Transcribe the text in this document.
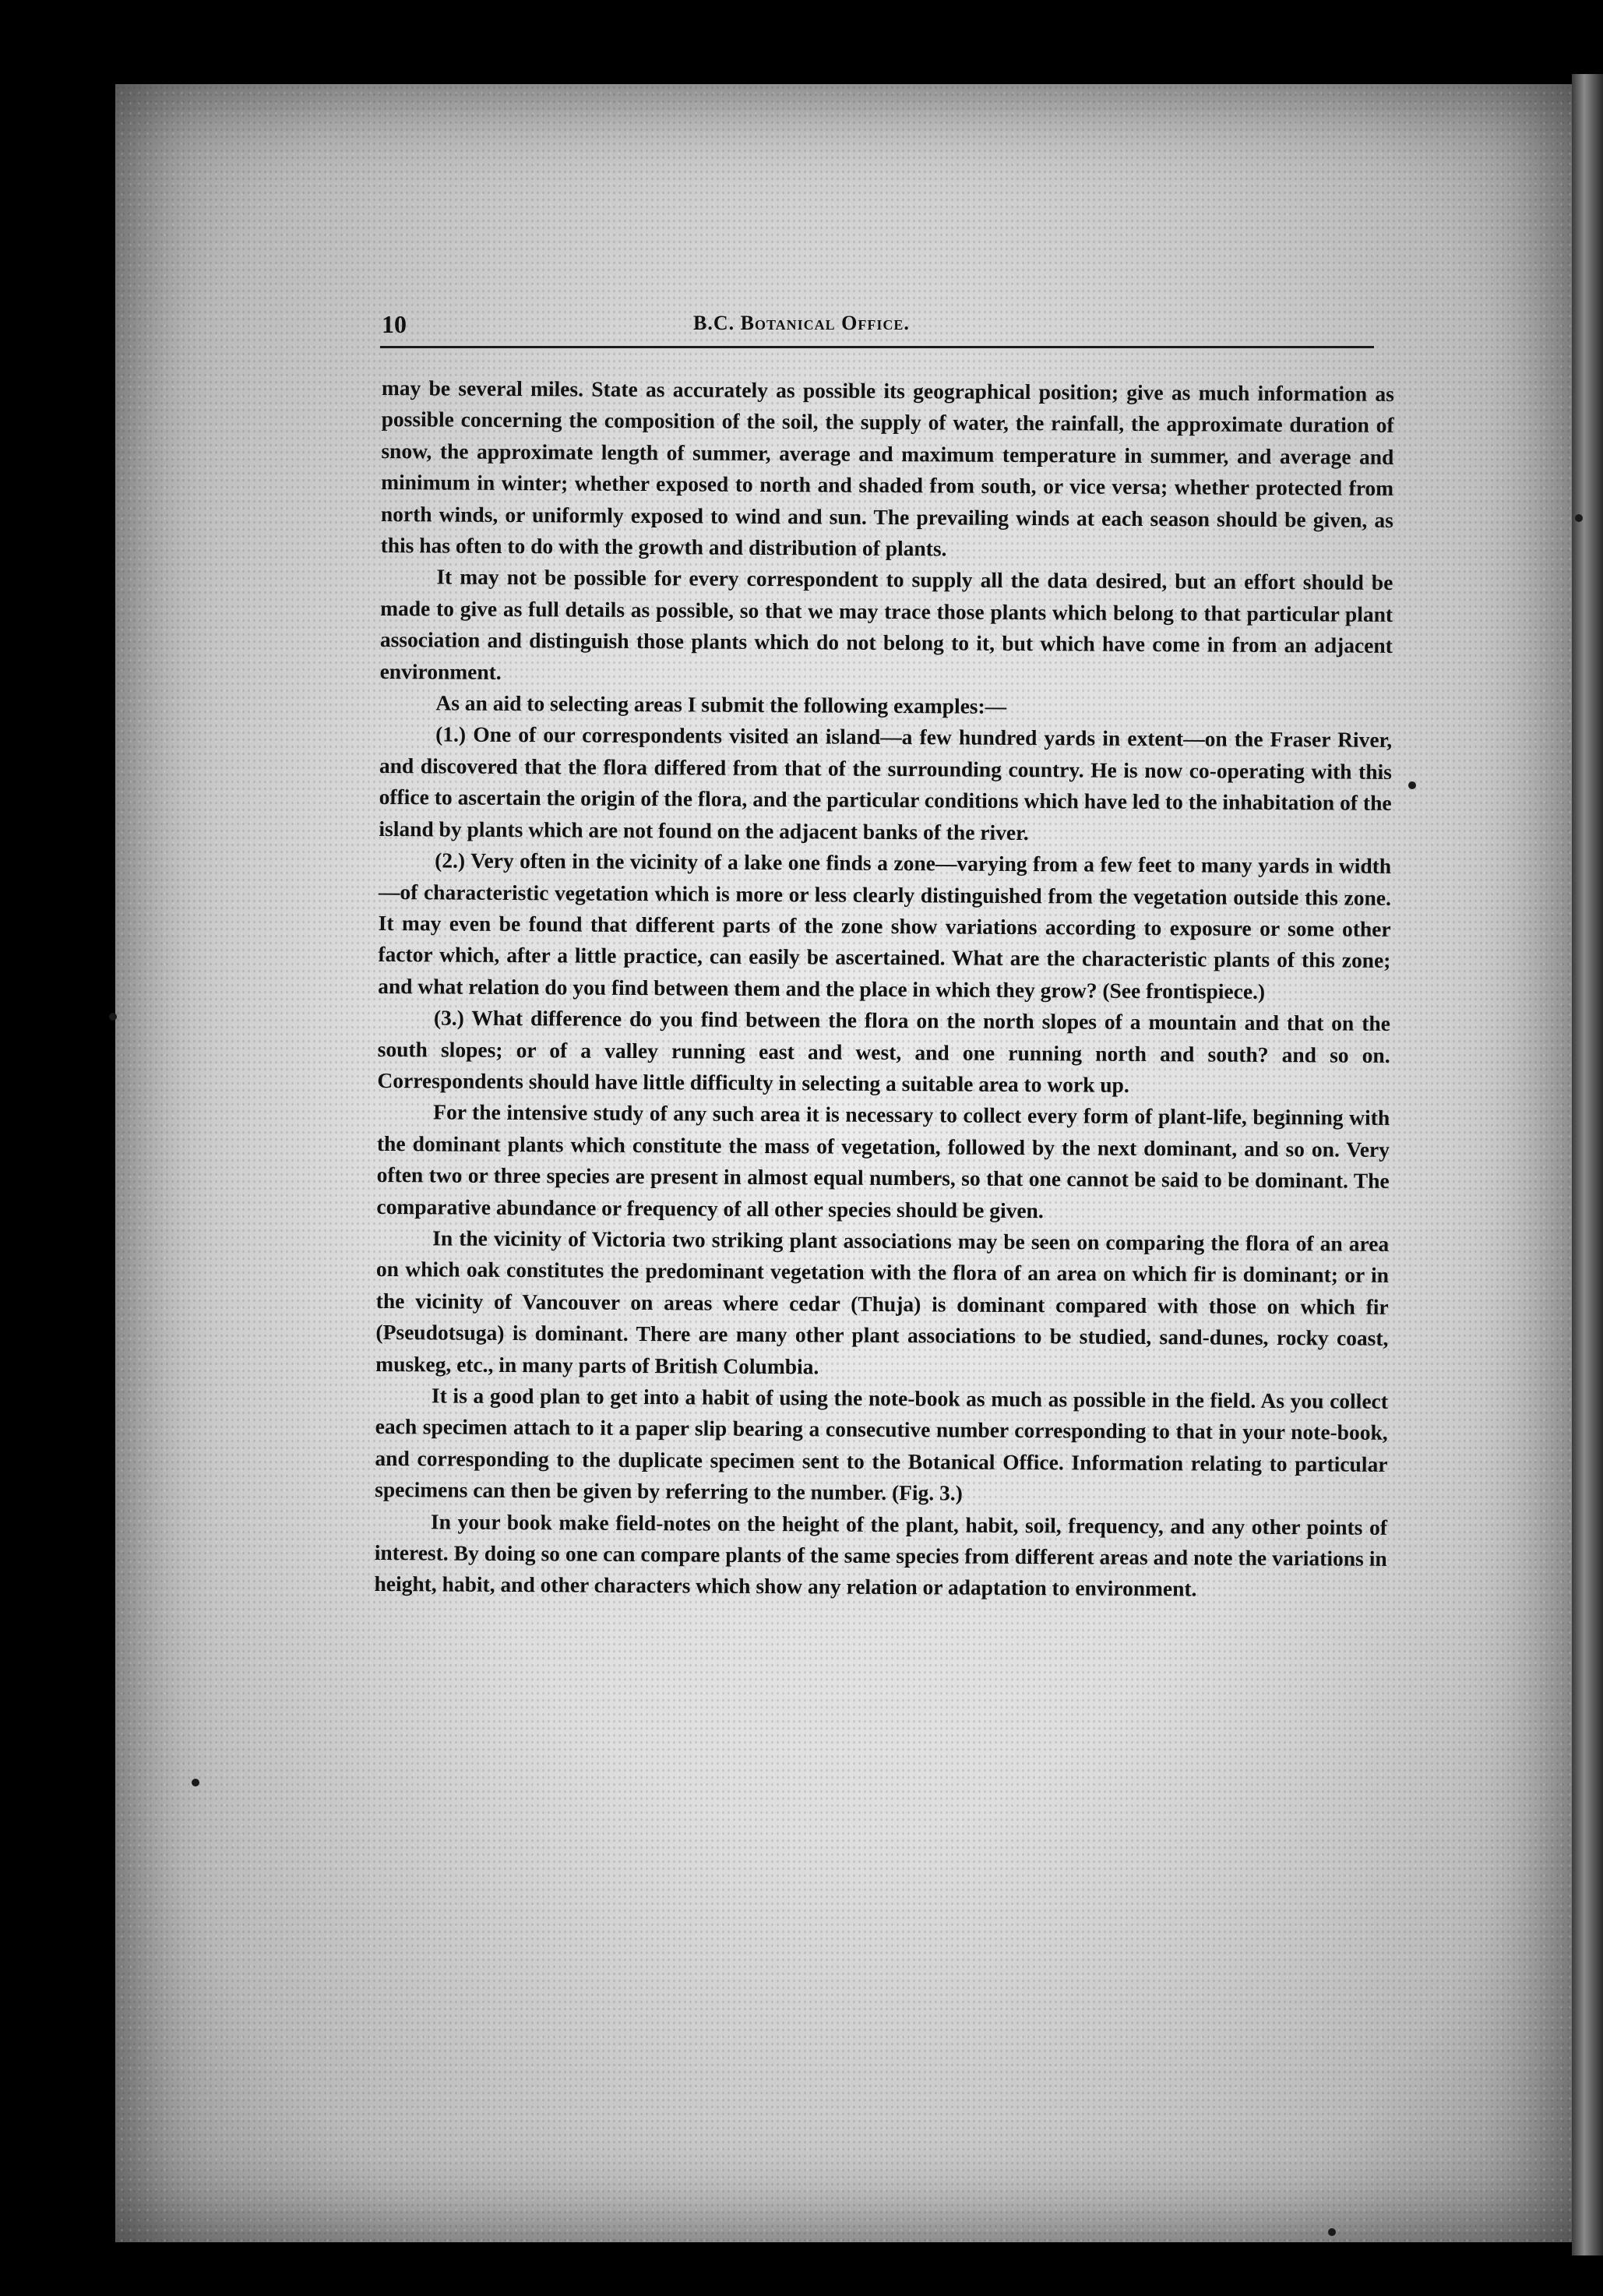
10	B.C. Botanical Office.

may be several miles. State as accurately as possible its geographical position; give as much information as possible concerning the composition of the soil, the supply of water, the rainfall, the approximate duration of snow, the approximate length of summer, average and maximum temperature in summer, and average and minimum in winter; whether exposed to north and shaded from south, or vice versa; whether protected from north winds, or uniformly exposed to wind and sun. The prevailing winds at each season should be given, as this has often to do with the growth and distribution of plants.

It may not be possible for every correspondent to supply all the data desired, but an effort should be made to give as full details as possible, so that we may trace those plants which belong to that particular plant association and distinguish those plants which do not belong to it, but which have come in from an adjacent environment.

As an aid to selecting areas I submit the following examples:—

(1.) One of our correspondents visited an island—a few hundred yards in extent—on the Fraser River, and discovered that the flora differed from that of the surrounding country. He is now co-operating with this office to ascertain the origin of the flora, and the particular conditions which have led to the inhabitation of the island by plants which are not found on the adjacent banks of the river.

(2.) Very often in the vicinity of a lake one finds a zone—varying from a few feet to many yards in width—of characteristic vegetation which is more or less clearly distinguished from the vegetation outside this zone. It may even be found that different parts of the zone show variations according to exposure or some other factor which, after a little practice, can easily be ascertained. What are the characteristic plants of this zone; and what relation do you find between them and the place in which they grow? (See frontispiece.)

(3.) What difference do you find between the flora on the north slopes of a mountain and that on the south slopes; or of a valley running east and west, and one running north and south? and so on. Correspondents should have little difficulty in selecting a suitable area to work up.

For the intensive study of any such area it is necessary to collect every form of plant-life, beginning with the dominant plants which constitute the mass of vegetation, followed by the next dominant, and so on. Very often two or three species are present in almost equal numbers, so that one cannot be said to be dominant. The comparative abundance or frequency of all other species should be given.

In the vicinity of Victoria two striking plant associations may be seen on comparing the flora of an area on which oak constitutes the predominant vegetation with the flora of an area on which fir is dominant; or in the vicinity of Vancouver on areas where cedar (Thuja) is dominant compared with those on which fir (Pseudotsuga) is dominant. There are many other plant associations to be studied, sand-dunes, rocky coast, muskeg, etc., in many parts of British Columbia.

It is a good plan to get into a habit of using the note-book as much as possible in the field. As you collect each specimen attach to it a paper slip bearing a consecutive number corresponding to that in your note-book, and corresponding to the duplicate specimen sent to the Botanical Office. Information relating to particular specimens can then be given by referring to the number. (Fig. 3.)

In your book make field-notes on the height of the plant, habit, soil, frequency, and any other points of interest. By doing so one can compare plants of the same species from different areas and note the variations in height, habit, and other characters which show any relation or adaptation to environment.
